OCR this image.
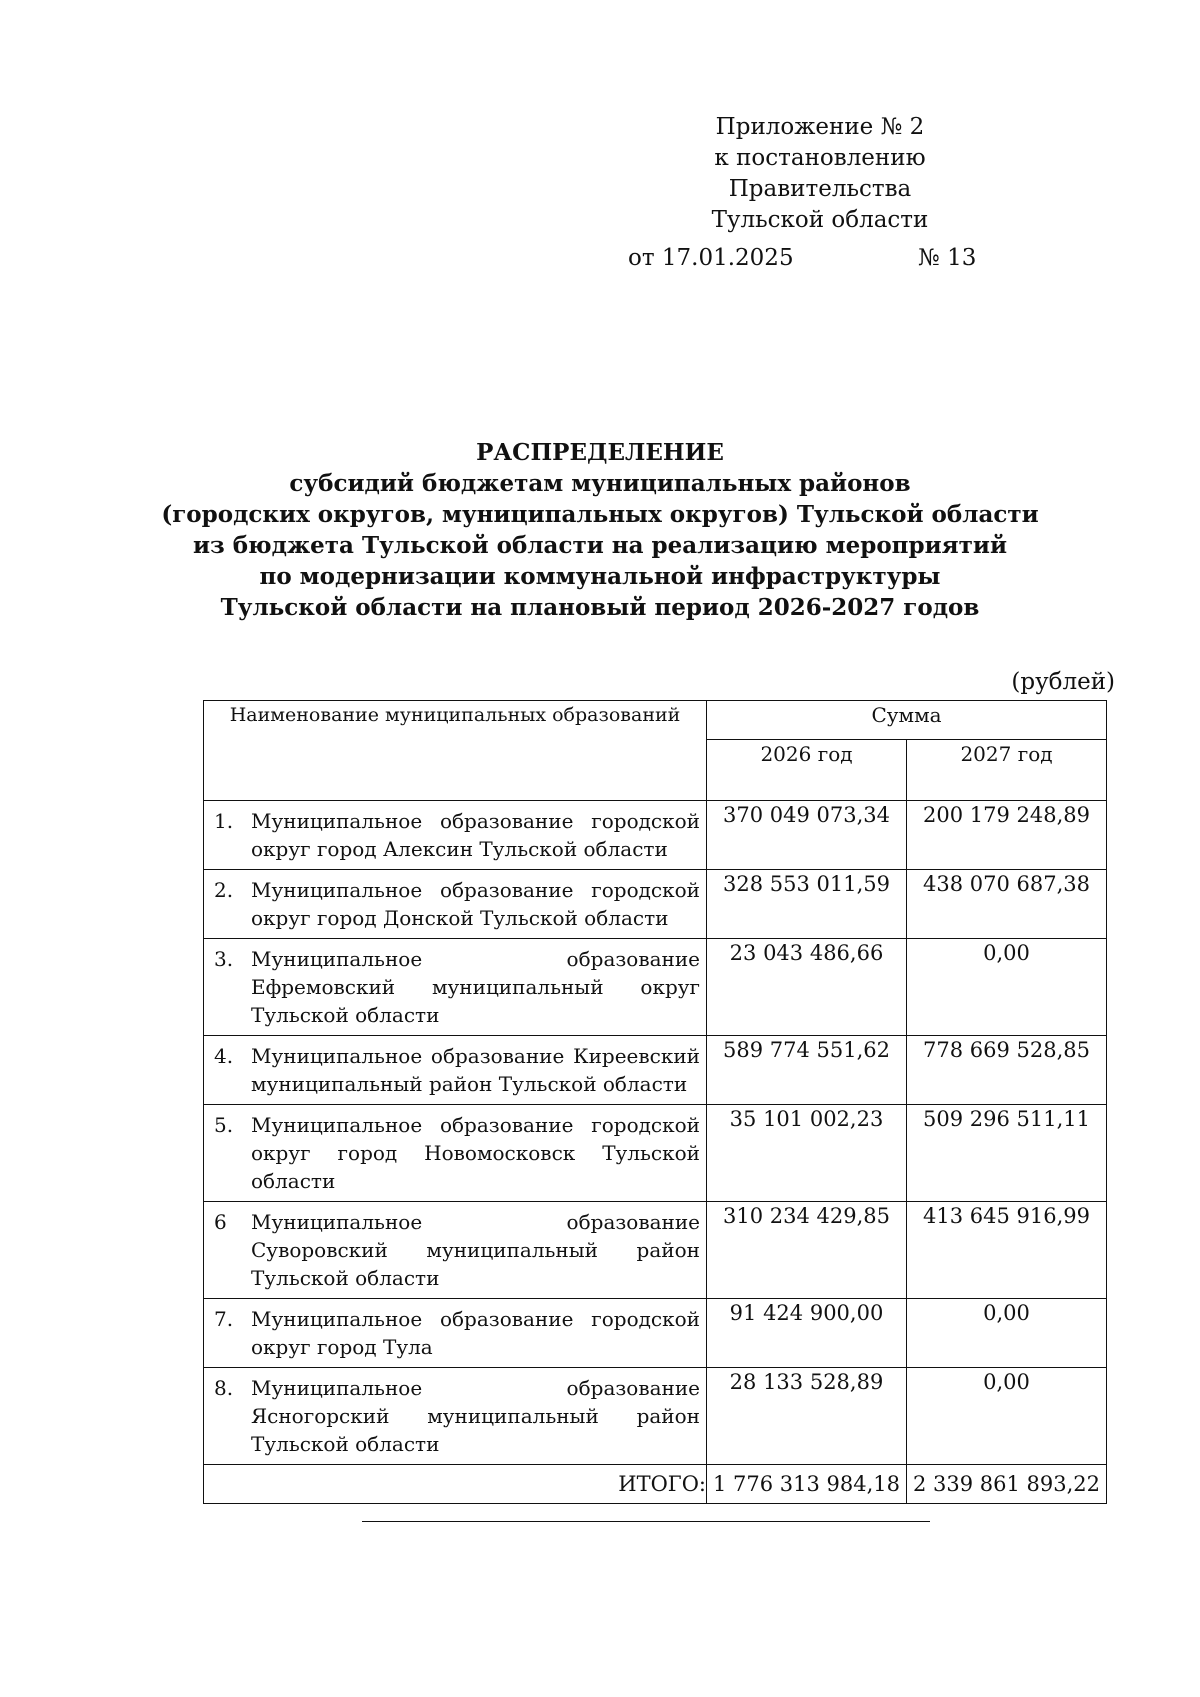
Приложение № 2
к постановлению Правительства
Тульской области
от 17.01.2025	№ 13
РАСПРЕДЕЛЕНИЕ
субсидий бюджетам муниципальных районов
(городских округов, муниципальных округов) Тульской области
из бюджета Тульской области на реализацию мероприятий
по модернизации коммунальной инфраструктуры
Тульской области на плановый период 2026-2027 годов
(рублей)
Наименование муниципальных образований	Сумма	
	2026 год	2027 год

1. Муниципальное образование городской округ город Алексин Тульской области	370 049 073,34	200 179 248,89

2. Муниципальное образование городской округ город Донской Тульской области	328 553 011,59	438 070 687,38

3. Муниципальное образование Ефремовский муниципальный округ Тульской области	23 043 486,66	0,00

4. Муниципальное образование Киреевский муниципальный район Тульской области	589 774 551,62	778 669 528,85

5. Муниципальное образование городской округ город Новомосковск Тульской области	35 101 002,23	509 296 511,11

6 Муниципальное образование Суворовский муниципальный район Тульской области	310 234 429,85	413 645 916,99

7. Муниципальное образование городской округ город Тула	91 424 900,00	0,00

8. Муниципальное образование Ясногорский муниципальный район Тульской области	28 133 528,89	0,00
ИТОГО:	1 776 313 984,18	2 339 861 893,22
